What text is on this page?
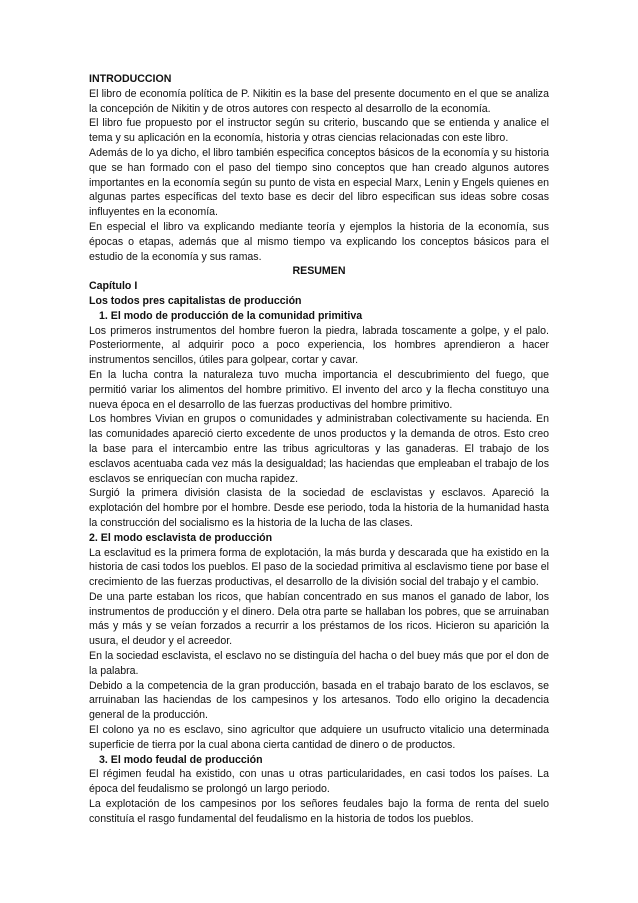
INTRODUCCION

El libro de economía política de P. Nikitin es la base del presente documento en el que se analiza la concepción de Nikitin y de otros autores con respecto al desarrollo de la economía.

El libro fue propuesto por el instructor según su criterio, buscando que se entienda y analice el tema y su aplicación en la economía, historia y otras ciencias relacionadas con este libro.

Además de lo ya dicho, el libro también especifica conceptos básicos de la economía y su historia que se han formado con el paso del tiempo sino conceptos que han creado algunos autores importantes en la economía según su punto de vista en especial Marx, Lenin y Engels quienes en algunas partes específicas del texto base es decir del libro especifican sus ideas sobre cosas influyentes en la economía.

En especial el libro va explicando mediante teoría y ejemplos la historia de la economía, sus épocas o etapas, además que al mismo tiempo va explicando los conceptos básicos para el estudio de la economía y sus ramas.

RESUMEN

Capítulo I

Los todos pres capitalistas de producción

1. El modo de producción de la comunidad primitiva

Los primeros instrumentos del hombre fueron la piedra, labrada toscamente a golpe, y el palo. Posteriormente, al adquirir poco a poco experiencia, los hombres aprendieron a hacer instrumentos sencillos, útiles para golpear, cortar y cavar.

En la lucha contra la naturaleza tuvo mucha importancia el descubrimiento del fuego, que permitió variar los alimentos del hombre primitivo. El invento del arco y la flecha constituyo una nueva época en el desarrollo de las fuerzas productivas del hombre primitivo.

Los hombres Vivian en grupos o comunidades y administraban colectivamente su hacienda. En las comunidades apareció cierto excedente de unos productos y la demanda de otros. Esto creo la base para el intercambio entre las tribus agricultoras y las ganaderas. El trabajo de los esclavos acentuaba cada vez más la desigualdad; las haciendas que empleaban el trabajo de los esclavos se enriquecían con mucha rapidez.

Surgió la primera división clasista de la sociedad de esclavistas y esclavos. Apareció la explotación del hombre por el hombre. Desde ese periodo, toda la historia de la humanidad hasta la construcción del socialismo es la historia de la lucha de las clases.

2. El modo esclavista de producción

La esclavitud es la primera forma de explotación, la más burda y descarada que ha existido en la historia de casi todos los pueblos. El paso de la sociedad primitiva al esclavismo tiene por base el crecimiento de las fuerzas productivas, el desarrollo de la división social del trabajo y el cambio.

De una parte estaban los ricos, que habían concentrado en sus manos el ganado de labor, los instrumentos de producción y el dinero. Dela otra parte se hallaban los pobres, que se arruinaban más y más y se veían forzados a recurrir a los préstamos de los ricos. Hicieron su aparición la usura, el deudor y el acreedor.

En la sociedad esclavista, el esclavo no se distinguía del hacha o del buey más que por el don de la palabra.

Debido a la competencia de la gran producción, basada en el trabajo barato de los esclavos, se arruinaban las haciendas de los campesinos y los artesanos. Todo ello origino la decadencia general de la producción.

El colono ya no es esclavo, sino agricultor que adquiere un usufructo vitalicio una determinada superficie de tierra por la cual abona cierta cantidad de dinero o de productos.

3. El modo feudal de producción

El régimen feudal ha existido, con unas u otras particularidades, en casi todos los países. La época del feudalismo se prolongó un largo periodo.

La explotación de los campesinos por los señores feudales bajo la forma de renta del suelo constituía el rasgo fundamental del feudalismo en la historia de todos los pueblos.
